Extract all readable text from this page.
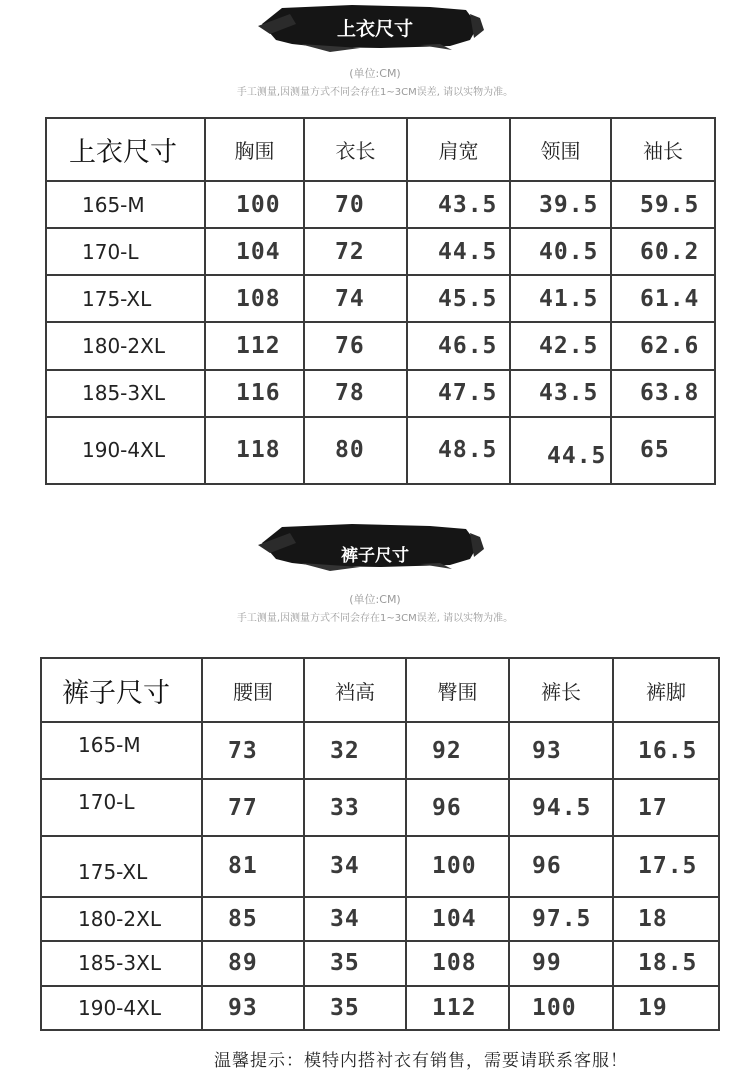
上衣尺寸
(单位:CM)
手工测量,因测量方式不同会存在1~3CM误差, 请以实物为准。
上衣尺寸	胸围	衣长	肩宽	领围	袖长
165-M	100	70	43.5	39.5	59.5
170-L	104	72	44.5	40.5	60.2
175-XL	108	74	45.5	41.5	61.4
180-2XL	112	76	46.5	42.5	62.6
185-3XL	116	78	47.5	43.5	63.8
190-4XL	118	80	48.5	44.5	65
裤子尺寸
(单位:CM)
手工测量,因测量方式不同会存在1~3CM误差, 请以实物为准。
裤子尺寸	腰围	裆高	臀围	裤长	裤脚
165-M	73	32	92	93	16.5
170-L	77	33	96	94.5	17
175-XL	81	34	100	96	17.5
180-2XL	85	34	104	97.5	18
185-3XL	89	35	108	99	18.5
190-4XL	93	35	112	100	19
温馨提示：模特内搭衬衣有销售，需要请联系客服！
